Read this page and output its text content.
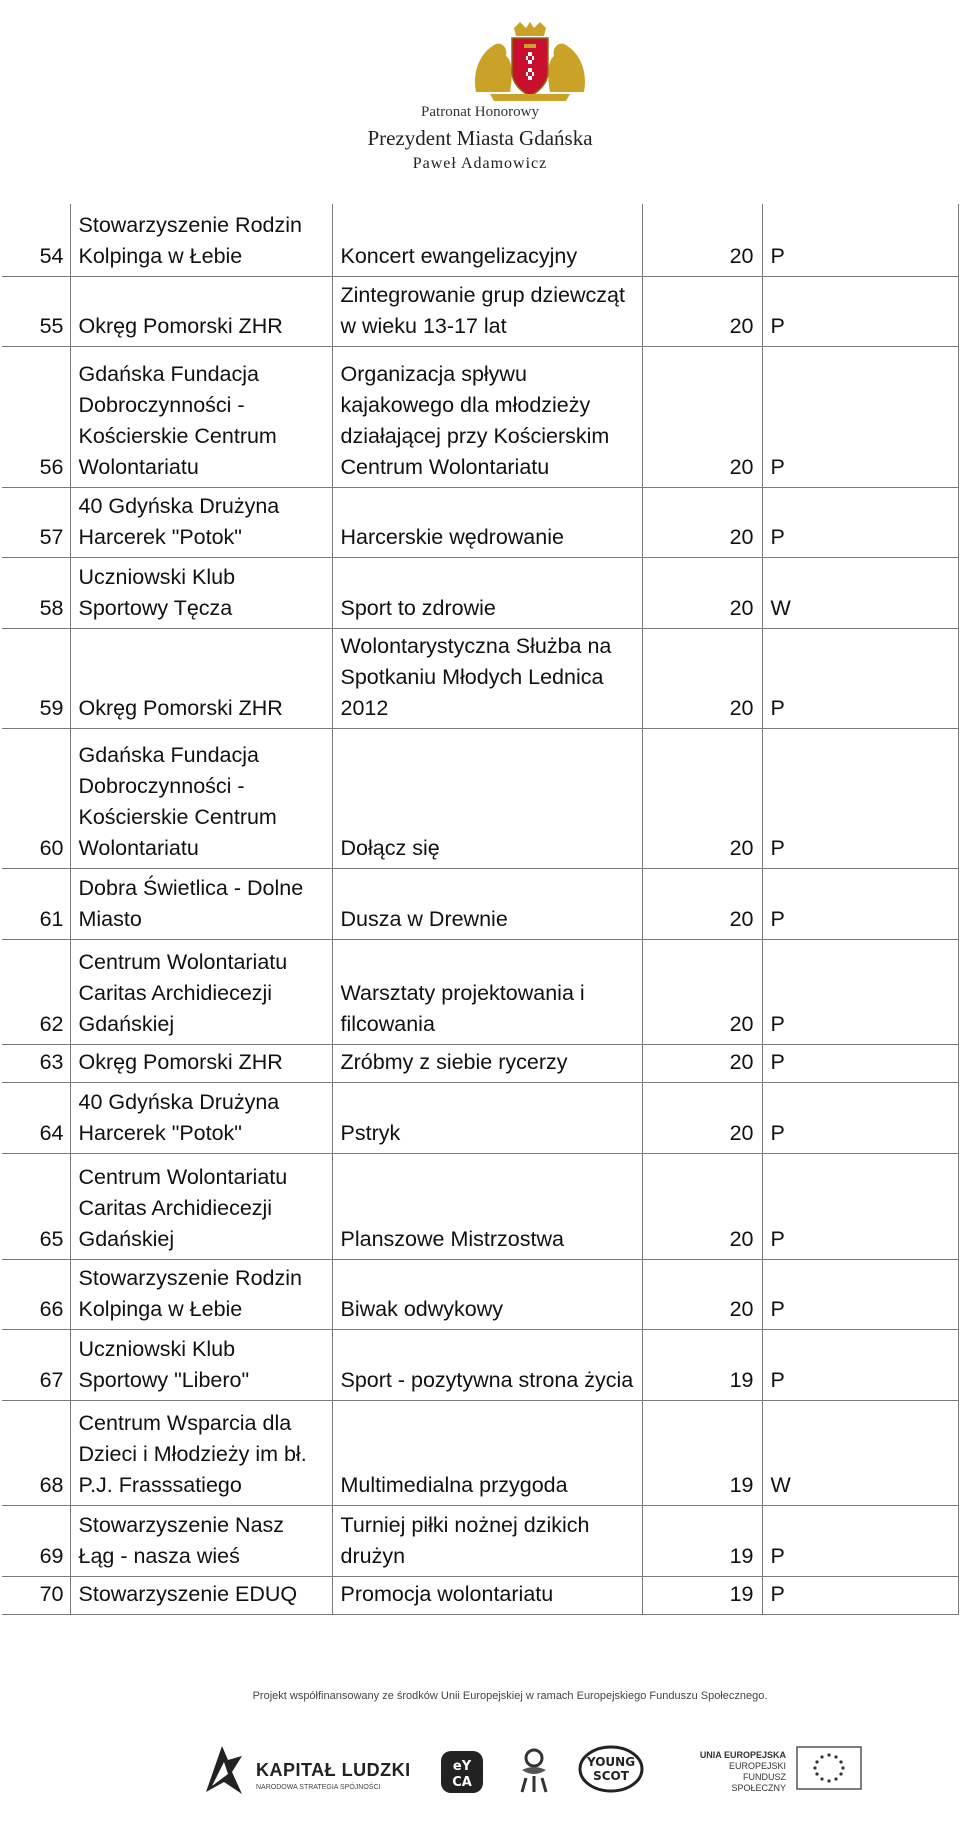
Patronat Honorowy
Prezydent Miasta Gdańska
Paweł Adamowicz
54	Stowarzyszenie Rodzin Kolpinga w Łebie	Koncert ewangelizacyjny	20	P
55	Okręg Pomorski ZHR	Zintegrowanie grup dziewcząt w wieku 13-17 lat	20	P
56	Gdańska Fundacja Dobroczynności - Kościerskie Centrum Wolontariatu	Organizacja spływu kajakowego dla młodzieży działającej przy Kościerskim Centrum Wolontariatu	20	P
57	40 Gdyńska Drużyna Harcerek "Potok"	Harcerskie wędrowanie	20	P
58	Uczniowski Klub Sportowy Tęcza	Sport to zdrowie	20	W
59	Okręg Pomorski ZHR	Wolontarystyczna Służba na Spotkaniu Młodych Lednica 2012	20	P
60	Gdańska Fundacja Dobroczynności - Kościerskie Centrum Wolontariatu	Dołącz się	20	P
61	Dobra Świetlica - Dolne Miasto	Dusza w Drewnie	20	P
62	Centrum Wolontariatu Caritas Archidiecezji Gdańskiej	Warsztaty projektowania i filcowania	20	P
63	Okręg Pomorski ZHR	Zróbmy z siebie rycerzy	20	P
64	40 Gdyńska Drużyna Harcerek "Potok"	Pstryk	20	P
65	Centrum Wolontariatu Caritas Archidiecezji Gdańskiej	Planszowe Mistrzostwa	20	P
66	Stowarzyszenie Rodzin Kolpinga w Łebie	Biwak odwykowy	20	P
67	Uczniowski Klub Sportowy "Libero"	Sport - pozytywna strona życia	19	P
68	Centrum Wsparcia dla Dzieci i Młodzieży im bł. P.J. Frasssatiego	Multimedialna przygoda	19	W
69	Stowarzyszenie Nasz Łąg - nasza wieś	Turniej piłki nożnej dzikich drużyn	19	P
70	Stowarzyszenie EDUQ	Promocja wolontariatu	19	P
Projekt współfinansowany ze środków Unii Europejskiej w ramach Europejskiego Funduszu Społecznego.
KAPITAŁ LUDZKI
NARODOWA STRATEGIA SPÓJNOŚCI
eY
CA
YOUNG
SCOT
UNIA EUROPEJSKA
EUROPEJSKI
FUNDUSZ SPOŁECZNY
